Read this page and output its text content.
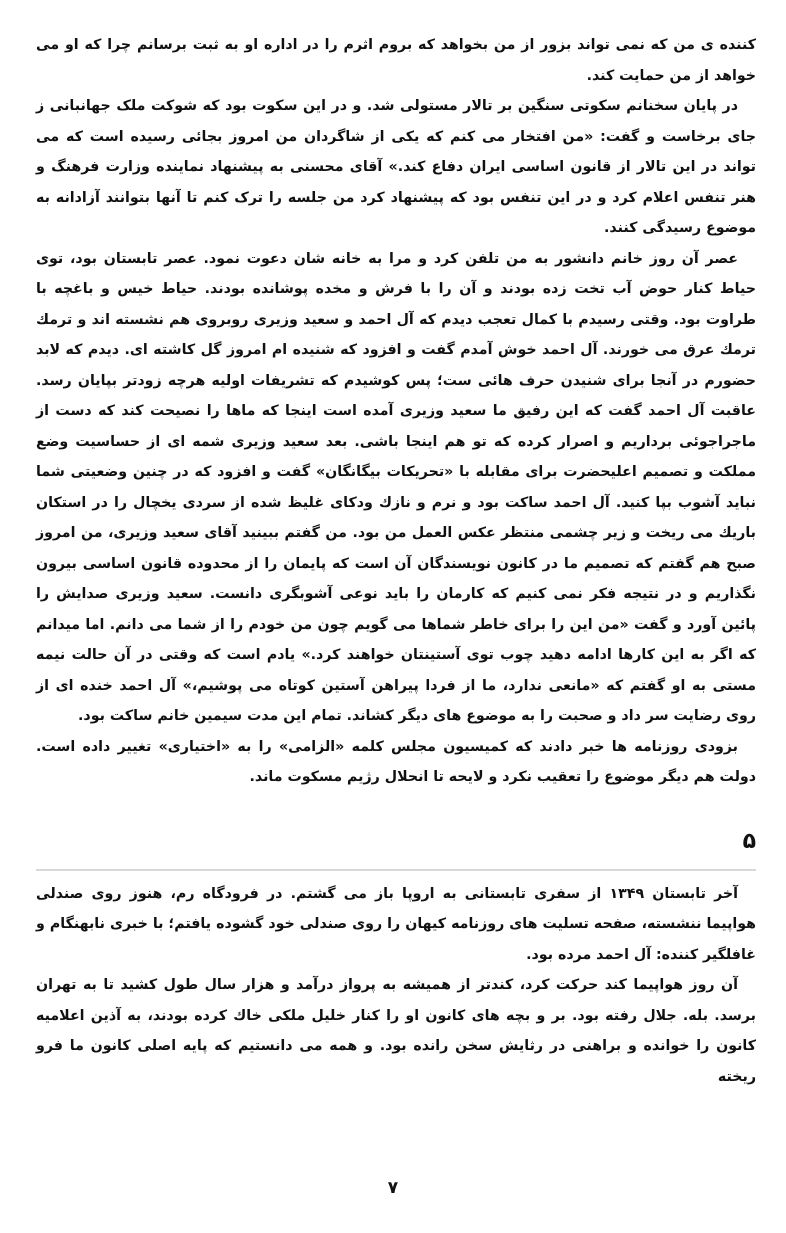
کننده ی من که نمی تواند بزور از من بخواهد که بروم اثرم را در اداره او به ثبت برسانم چرا که او می خواهد از من حمایت کند.

در پایان سخنانم سکوتی سنگین بر تالار مستولی شد. و در این سکوت بود که شوکت ملک جهانبانی ز جای برخاست و گفت: «من افتخار می کنم که یکی از شاگردان من امروز بجائی رسیده است که می تواند در این تالار از قانون اساسی ایران دفاع کند.» آقای محسنی به پیشنهاد نماینده وزارت فرهنگ و هنر تنفس اعلام کرد و در این تنفس بود که پیشنهاد کرد من جلسه را ترک کنم تا آنها بتوانند آزادانه به موضوع رسیدگی کنند.

عصر آن روز خانم دانشور به من تلفن کرد و مرا به خانه شان دعوت نمود. عصر تابستان بود، توی حیاط کنار حوض آب تخت زده بودند و آن را با فرش و مخده پوشانده بودند. حیاط خیس و باغچه با طراوت بود. وقتی رسیدم با کمال تعجب دیدم که آل احمد و سعید وزیری روبروی هم نشسته اند و ترمك ترمك عرق می خورند. آل احمد خوش آمدم گفت و افزود که شنیده ام امروز گل کاشته ای. دیدم که لابد حضورم در آنجا برای شنیدن حرف هائی ست؛ پس کوشیدم که تشریفات اولیه هرچه زودتر بپایان رسد. عاقبت آل احمد گفت که این رفیق ما سعید وزیری آمده است اینجا که ماها را نصیحت کند که دست از ماجراجوئی برداریم و اصرار کرده که تو هم اینجا باشی. بعد سعید وزیری شمه ای از حساسیت وضع مملکت و تصمیم اعلیحضرت برای مقابله با «تحریکات بیگانگان» گفت و افزود که در چنین وضعیتی شما نباید آشوب بپا کنید. آل احمد ساکت بود و نرم و نازك ودکای غلیظ شده از سردی یخچال را در استکان باریك می ریخت و زیر چشمی منتظر عکس العمل من بود. من گفتم ببینید آقای سعید وزیری، من امروز صبح هم گفتم که تصمیم ما در کانون نویسندگان آن است که پایمان را از محدوده قانون اساسی بیرون نگذاریم و در نتیجه فکر نمی کنیم که کارمان را باید نوعی آشوبگری دانست. سعید وزیری صدایش را پائین آورد و گفت «من این را برای خاطر شماها می گویم چون من خودم را از شما می دانم. اما میدانم که اگر به این کارها ادامه دهید چوب توی آستینتان خواهند کرد.» یادم است که وقتی در آن حالت نیمه مستی به او گفتم که «مانعی ندارد، ما از فردا پیراهن آستین کوتاه می پوشیم،» آل احمد خنده ای از روی رضایت سر داد و صحبت را به موضوع های دیگر کشاند. تمام این مدت سیمین خانم ساکت بود.

بزودی روزنامه ها خبر دادند که کمیسیون مجلس کلمه «الزامی» را به «اختیاری» تغییر داده است. دولت هم دیگر موضوع را تعقیب نکرد و لایحه تا انحلال رژیم مسکوت ماند.

۵

آخر تابستان ۱۳۴۹ از سفری تابستانی به اروپا باز می گشتم. در فرودگاه رم، هنوز روی صندلی هواپیما ننشسته، صفحه تسلیت های روزنامه کیهان را روی صندلی خود گشوده یافتم؛ با خبری نابهنگام و غافلگیر کننده: آل احمد مرده بود.

آن روز هواپیما کند حرکت کرد، کندتر از همیشه به پرواز درآمد و هزار سال طول کشید تا به تهران برسد. بله. جلال رفته بود. بر و بچه های کانون او را کنار خلیل ملکی خاك کرده بودند، به آذین اعلامیه کانون را خوانده و براهنی در رثایش سخن رانده بود. و همه می دانستیم که پایه اصلی کانون ما فرو ریخته

۷
